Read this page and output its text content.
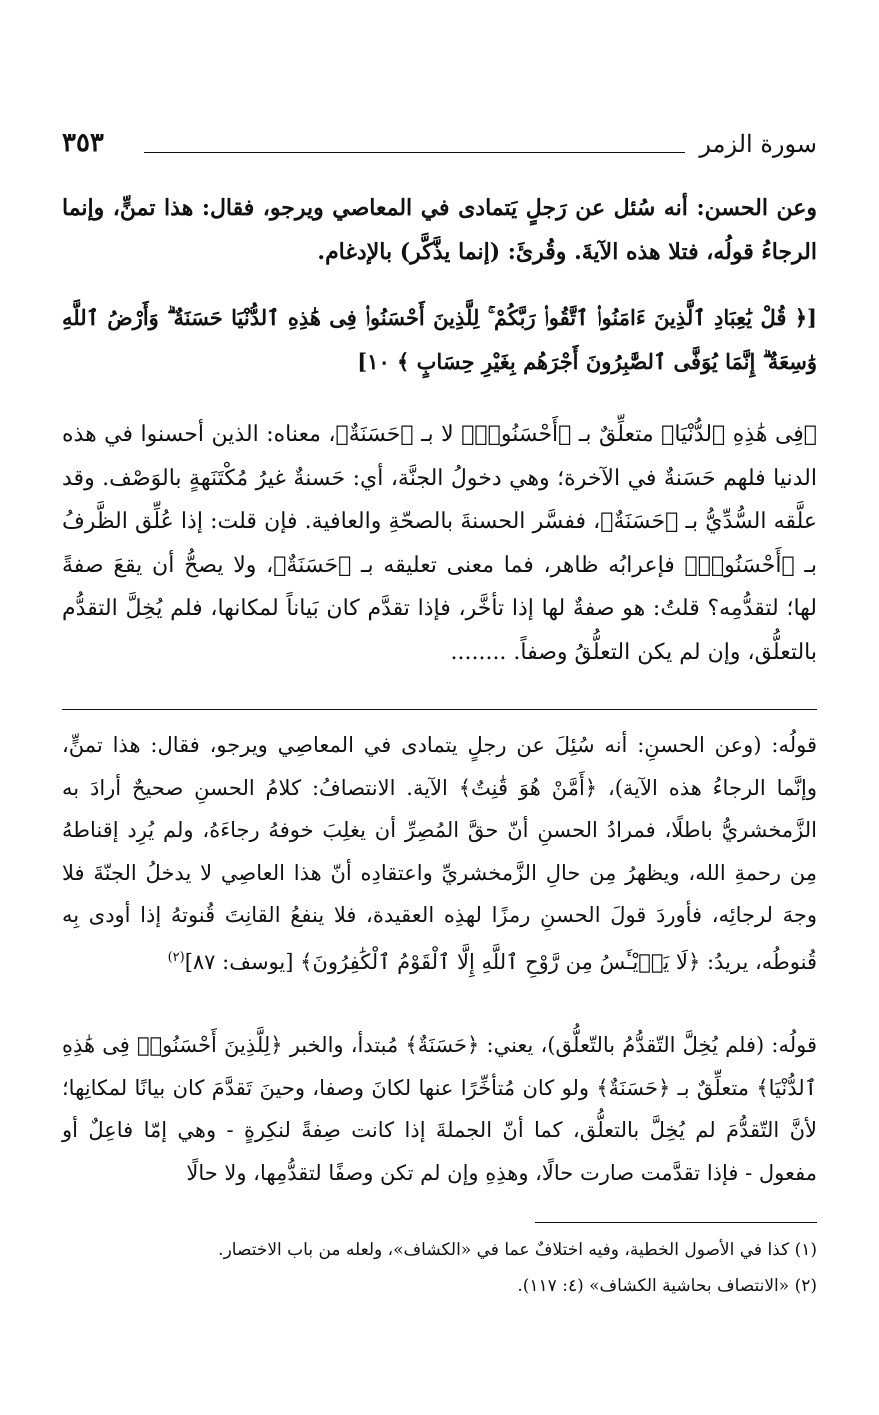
سورة الزمر
٣٥٣
وعن الحسن: أنه سُئل عن رَجلٍ يَتمادى في المعاصي ويرجو، فقال: هذا تمنٍّ، وإنما الرجاءُ قولُه، فتلا هذه الآيةَ. وقُرئَ: (إنما يذَّكَّر) بالإدغام.
[﴿ قُلْ يَٰعِبَادِ ٱلَّذِينَ ءَامَنُوا۟ ٱتَّقُوا۟ رَبَّكُمْ ۚ لِلَّذِينَ أَحْسَنُوا۟ فِى هَٰذِهِ ٱلدُّنْيَا حَسَنَةٌ ۗ وَأَرْضُ ٱللَّهِ وَٰسِعَةٌ ۗ إِنَّمَا يُوَفَّى ٱلصَّٰبِرُونَ أَجْرَهُم بِغَيْرِ حِسَابٍ ﴾ ١٠]
﴿فِى هَٰذِهِ ٱلدُّنْيَا﴾ متعلِّقٌ بـ ﴿أَحْسَنُوا۟﴾ لا بـ ﴿حَسَنَةٌ﴾، معناه: الذين أحسنوا في هذه الدنيا فلهم حَسَنةٌ في الآخرة؛ وهي دخولُ الجنَّة، أي: حَسنةٌ غيرُ مُكْتَنَهةٍ بالوَصْف. وقد علَّقه السُّدِّيُّ بـ ﴿حَسَنَةٌ﴾، ففسَّر الحسنةَ بالصحّةِ والعافية. فإن قلت: إذا عُلِّق الظَّرفُ بـ ﴿أَحْسَنُوا۟﴾ فإعرابُه ظاهر، فما معنى تعليقه بـ ﴿حَسَنَةٌ﴾، ولا يصحُّ أن يقعَ صفةً لها؛ لتقدُّمِه؟ قلتُ: هو صفةٌ لها إذا تأخَّر، فإذا تقدَّم كان بَياناً لمكانها، فلم يُخِلَّ التقدُّم بالتعلُّق، وإن لم يكن التعلُّقُ وصفاً. ........
قولُه: (وعن الحسنِ: أنه سُئِلَ عن رجلٍ يتمادى في المعاصِي ويرجو، فقال: هذا تمنٍّ، وإنَّما الرجاءُ هذه الآية)، ﴿أَمَّنْ هُوَ قَٰنِتٌ﴾ الآية. الانتصافُ: كلامُ الحسنِ صحيحٌ أرادَ به الزَّمخشريُّ باطلًا، فمرادُ الحسنِ أنّ حقَّ المُصِرِّ أن يغلِبَ خوفهُ رجاءَهُ، ولم يُرِد إقناطهُ مِن رحمةِ الله، ويظهرُ مِن حالِ الزَّمخشريِّ واعتقادِه أنّ هذا العاصِي لا يدخلُ الجنّةَ فلا وجهَ لرجائِه، فأوردَ قولَ الحسنِ رمزًا لهذِه العقيدة، فلا ينفعُ القانِتَ قُنوتهُ إذا أودى بِه قُنوطُه، يريدُ: ﴿لَا يَا۟يْـَٔسُ مِن رَّوْحِ ٱللَّهِ إِلَّا ٱلْقَوْمُ ٱلْكَٰفِرُونَ﴾ [يوسف: ٨٧]$^{(٢)}$
قولُه: (فلم يُخِلَّ التّقدُّمُ بالتّعلُّق)، يعني: ﴿حَسَنَةٌ﴾ مُبتدأ، والخبر ﴿لِلَّذِينَ أَحْسَنُوا۟ فِى هَٰذِهِ ٱلدُّنْيَا﴾ متعلِّقٌ بـ ﴿حَسَنَةٌ﴾ ولو كان مُتأخِّرًا عنها لكانَ وصفا، وحينَ تَقدَّمَ كان بيانًا لمكانِها؛ لأنَّ التّقدُّمَ لم يُخِلَّ بالتعلُّق، كما أنّ الجملةَ إذا كانت صِفةً لنكِرةٍ - وهي إمّا فاعِلٌ أو مفعول - فإذا تقدَّمت صارت حالًا، وهذِهِ وإن لم تكن وصفًا لتقدُّمِها، ولا حالًا
(١) كذا في الأصول الخطية، وفيه اختلافٌ عما في «الكشاف»، ولعله من باب الاختصار.
(٢) «الانتصاف بحاشية الكشاف» (٤: ١١٧).
